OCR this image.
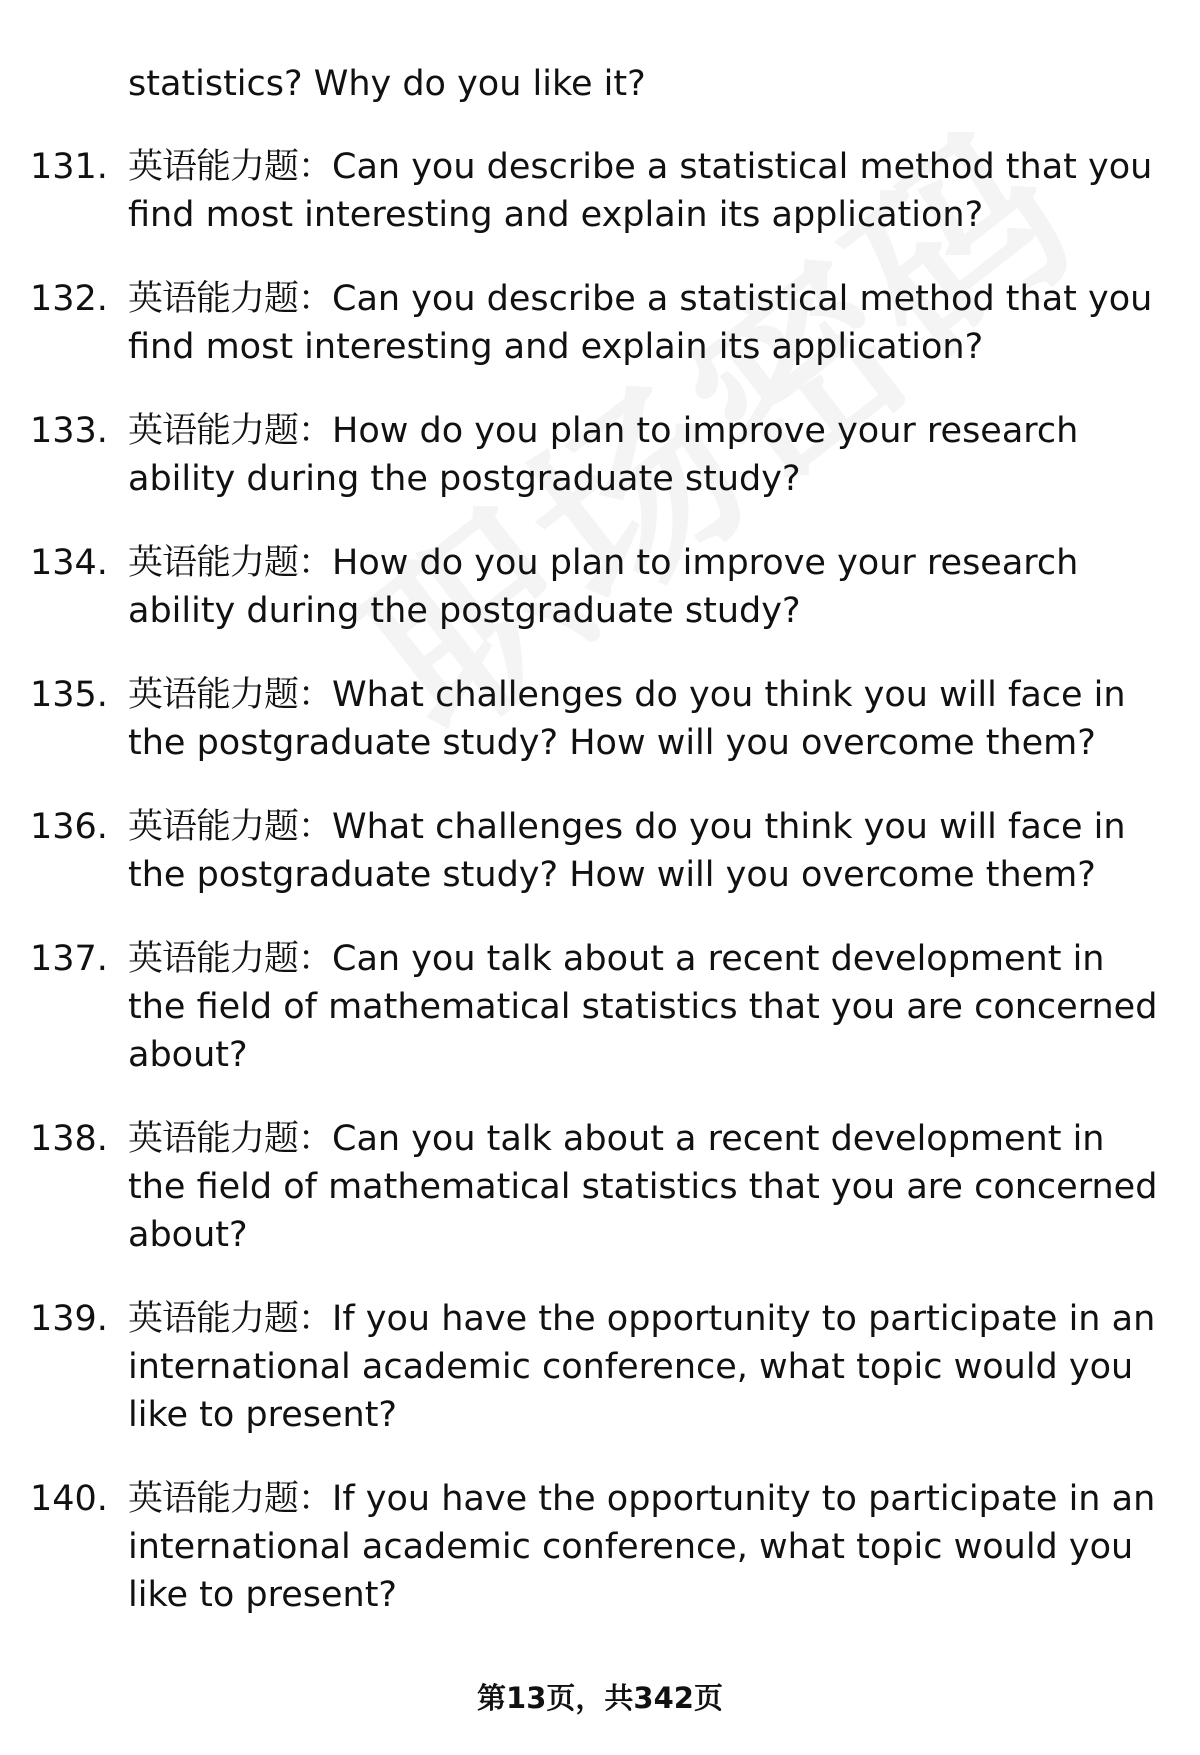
statistics? Why do you like it?
131. 英语能力题：Can you describe a statistical method that you find most interesting and explain its application?
132. 英语能力题：Can you describe a statistical method that you find most interesting and explain its application?
133. 英语能力题：How do you plan to improve your research ability during the postgraduate study?
134. 英语能力题：How do you plan to improve your research ability during the postgraduate study?
135. 英语能力题：What challenges do you think you will face in the postgraduate study? How will you overcome them?
136. 英语能力题：What challenges do you think you will face in the postgraduate study? How will you overcome them?
137. 英语能力题：Can you talk about a recent development in the field of mathematical statistics that you are concerned about?
138. 英语能力题：Can you talk about a recent development in the field of mathematical statistics that you are concerned about?
139. 英语能力题：If you have the opportunity to participate in an international academic conference, what topic would you like to present?
140. 英语能力题：If you have the opportunity to participate in an international academic conference, what topic would you like to present?
第13页，共342页
